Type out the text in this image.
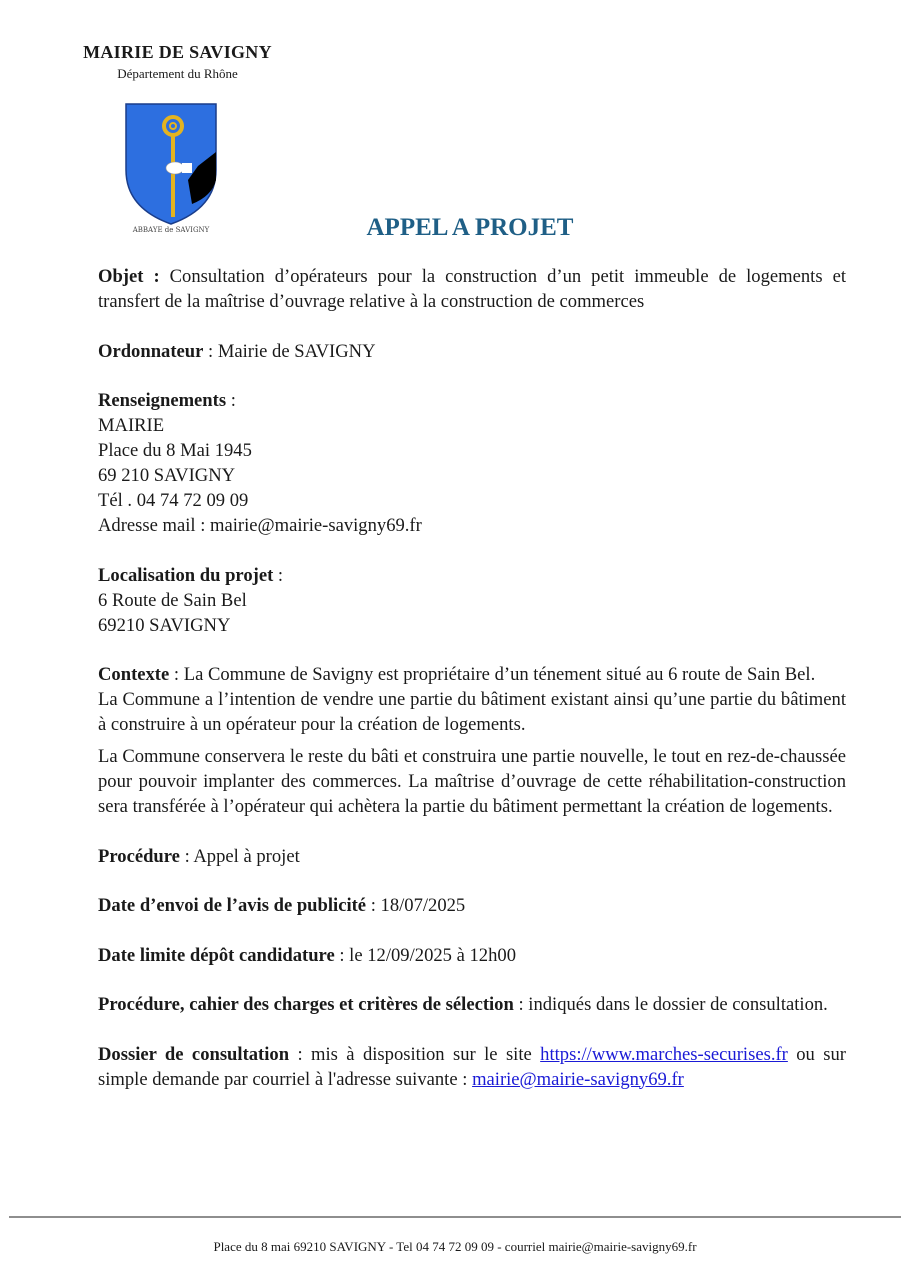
MAIRIE DE SAVIGNY
Département du Rhône
ABBAYE de SAVIGNY	APPEL A PROJET

Objet : Consultation d’opérateurs pour la construction d’un petit immeuble de logements et transfert de la maîtrise d’ouvrage relative à la construction de commerces

Ordonnateur : Mairie de SAVIGNY

Renseignements :

MAIRIE

Place du 8 Mai 1945

69 210 SAVIGNY

Tél . 04 74 72 09 09

Adresse mail : mairie@mairie-savigny69.fr

Localisation du projet :

6 Route de Sain Bel

69210 SAVIGNY

Contexte : La Commune de Savigny est propriétaire d’un ténement situé au 6 route de Sain Bel.

La Commune a l’intention de vendre une partie du bâtiment existant ainsi qu’une partie du bâtiment à construire à un opérateur pour la création de logements.

La Commune conservera le reste du bâti et construira une partie nouvelle, le tout en rez-de-chaussée pour pouvoir implanter des commerces. La maîtrise d’ouvrage de cette réhabilitation-construction sera transférée à l’opérateur qui achètera la partie du bâtiment permettant la création de logements.

Procédure : Appel à projet

Date d’envoi de l’avis de publicité : 18/07/2025

Date limite dépôt candidature : le 12/09/2025 à 12h00

Procédure, cahier des charges et critères de sélection : indiqués dans le dossier de consultation.

Dossier de consultation : mis à disposition sur le site https://www.marches-securises.fr ou sur simple demande par courriel à l'adresse suivante : mairie@mairie-savigny69.fr

Place du 8 mai 69210 SAVIGNY - Tel 04 74 72 09 09 - courriel mairie@mairie-savigny69.fr
